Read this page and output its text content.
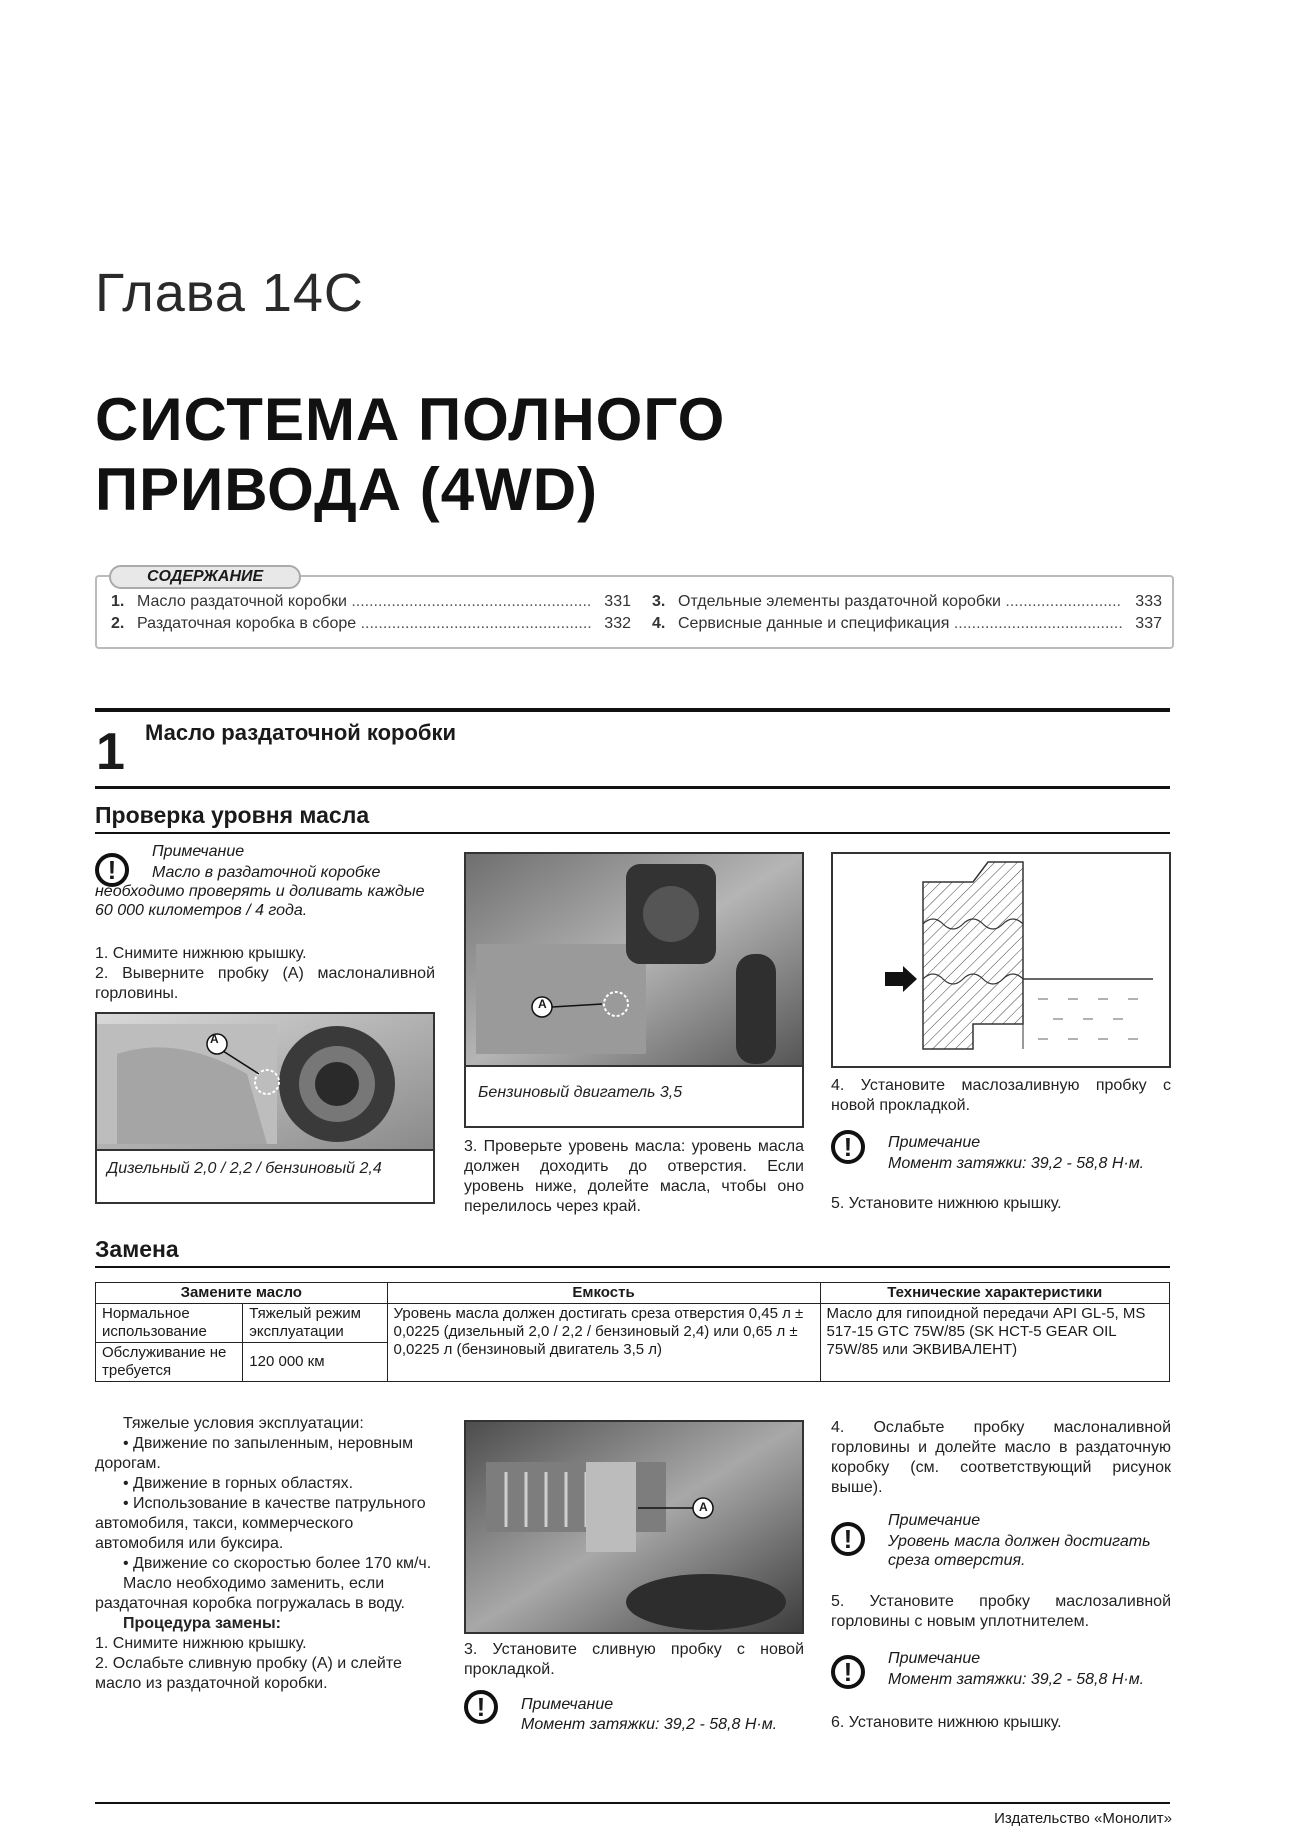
Глава 14C
СИСТЕМА ПОЛНОГО
ПРИВОДА (4WD)
СОДЕРЖАНИЕ
1. Масло раздаточной коробки .....	331
2. Раздаточная коробка в сборе .....	332
3. Отдельные элементы раздаточной коробки .....	333
4. Сервисные данные и спецификация .....	337
1 Масло раздаточной коробки
Проверка уровня масла
!
Примечание
Масло в раздаточной коробке необходимо проверять и доливать каждые 60 000 километров / 4 года.
1. Снимите нижнюю крышку.
2. Выверните пробку (A) маслоналивной горловины.
A
Дизельный 2,0 / 2,2 / бензиновый 2,4
A
Бензиновый двигатель 3,5
3. Проверьте уровень масла: уровень масла должен доходить до отверстия. Если уровень ниже, долейте масла, чтобы оно перелилось через край.
4. Установите маслозаливную пробку с новой прокладкой.
!	Примечание
Момент затяжки: 39,2 - 58,8 Н·м.
5. Установите нижнюю крышку.
Замена
Замените масло		Емкость	Технические характеристики
Нормальное использование	Тяжелый режим эксплуатации	Уровень масла должен достигать среза отверстия 0,45 л ± 0,0225 (дизельный 2,0 / 2,2 / бензиновый 2,4) или 0,65 л ± 0,0225 л (бензиновый двигатель 3,5 л)	Масло для гипоидной передачи API GL-5, MS 517-15 GTC 75W/85 (SK HCT-5 GEAR OIL 75W/85 или ЭКВИВАЛЕНТ)
Обслуживание не требуется	120 000 км		
Тяжелые условия эксплуатации:
• Движение по запыленным, неровным дорогам.
• Движение в горных областях.
• Использование в качестве патрульного автомобиля, такси, коммерческого автомобиля или буксира.
• Движение со скоростью более 170 км/ч.
Масло необходимо заменить, если раздаточная коробка погружалась в воду.
Процедура замены:
1. Снимите нижнюю крышку.
2. Ослабьте сливную пробку (A) и слейте масло из раздаточной коробки.
A
3. Установите сливную пробку с новой прокладкой.
!	Примечание
Момент затяжки: 39,2 - 58,8 Н·м.
4. Ослабьте пробку маслоналивной горловины и долейте масло в раздаточную коробку (см. соответствующий рисунок выше).
!
Примечание
Уровень масла должен достигать среза отверстия.
5. Установите пробку маслозаливной горловины с новым уплотнителем.
!	Примечание
Момент затяжки: 39,2 - 58,8 Н·м.
6. Установите нижнюю крышку.
Издательство «Монолит»
